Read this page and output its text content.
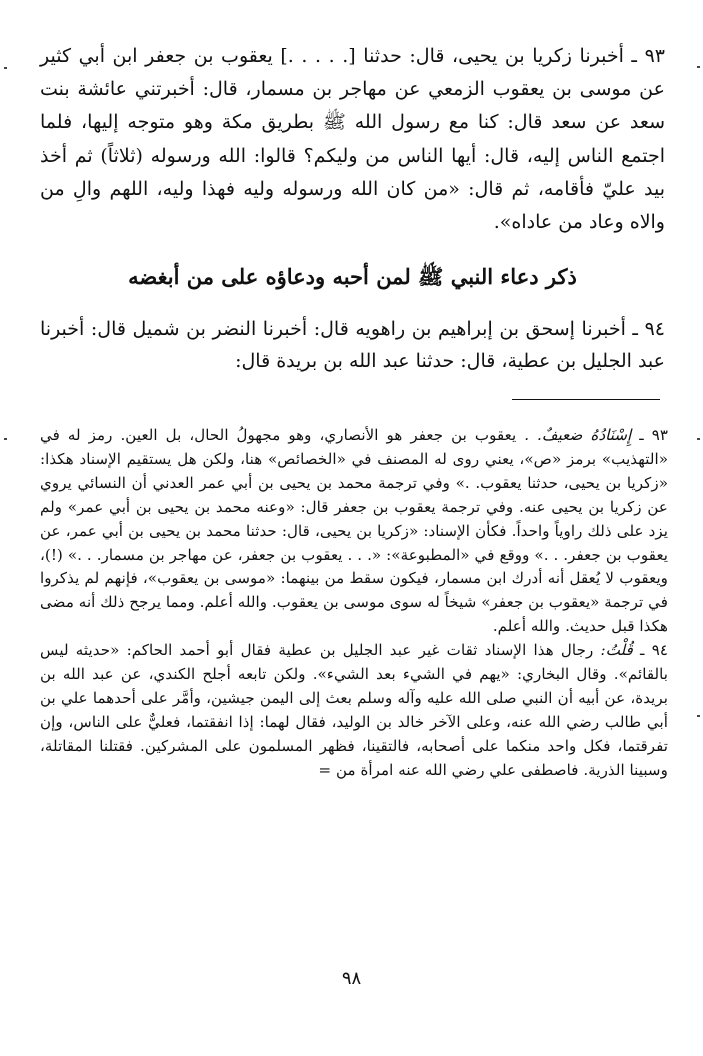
٩٣ ـ أخبرنا زكريا بن يحيى، قال: حدثنا [. . . . .] يعقوب بن جعفر ابن أبي كثير عن موسى بن يعقوب الزمعي عن مهاجر بن مسمار، قال: أخبرتني عائشة بنت سعد عن سعد قال: كنا مع رسول الله ﷺ بطريق مكة وهو متوجه إليها، فلما اجتمع الناس إليه، قال: أيها الناس من وليكم؟ قالوا: الله ورسوله (ثلاثاً) ثم أخذ بيد عليّ فأقامه، ثم قال: «من كان الله ورسوله وليه فهذا وليه، اللهم والِ من والاه وعاد من عاداه».

ذكر دعاء النبي ﷺ لمن أحبه ودعاؤه على من أبغضه

٩٤ ـ أخبرنا إسحق بن إبراهيم بن راهويه قال: أخبرنا النضر بن شميل قال: أخبرنا عبد الجليل بن عطية، قال: حدثنا عبد الله بن بريدة قال:

٩٣ ـ إِسْنَادُهُ ضعيفٌ. . يعقوب بن جعفر هو الأنصاري، وهو مجهولُ الحال، بل العين. رمز له في «التهذيب» برمز «ص»، يعني روى له المصنف في «الخصائص» هنا، ولكن هل يستقيم الإسناد هكذا: «زكريا بن يحيى، حدثنا يعقوب. .» وفي ترجمة محمد بن يحيى بن أبي عمر العدني أن النسائي يروي عن زكريا بن يحيى عنه. وفي ترجمة يعقوب بن جعفر قال: «وعنه محمد بن يحيى بن أبي عمر» ولم يزد على ذلك راوياً واحداً. فكأن الإسناد: «زكريا بن يحيى، قال: حدثنا محمد بن يحيى بن أبي عمر، عن يعقوب بن جعفر. . .» ووقع في «المطبوعة»: «. . . يعقوب بن جعفر، عن مهاجر بن مسمار. . .» (!)، ويعقوب لا يُعقل أنه أدرك ابن مسمار، فيكون سقط من بينهما: «موسى بن يعقوب»، فإنهم لم يذكروا في ترجمة «يعقوب بن جعفر» شيخاً له سوى موسى بن يعقوب. والله أعلم. ومما يرجح ذلك أنه مضى هكذا قبل حديث. والله أعلم.

٩٤ ـ قُلْتُ: رجال هذا الإسناد ثقات غير عبد الجليل بن عطية فقال أبو أحمد الحاكم: «حديثه ليس بالقائم». وقال البخاري: «يهم في الشيء بعد الشيء». ولكن تابعه أجلح الكندي، عن عبد الله بن بريدة، عن أبيه أن النبي صلى الله عليه وآله وسلم بعث إلى اليمن جيشين، وأمَّر على أحدهما علي بن أبي طالب رضي الله عنه، وعلى الآخر خالد بن الوليد، فقال لهما: إذا انفقتما، فعليٌّ على الناس، وإن تفرقتما، فكل واحد منكما على أصحابه، فالتقينا، فظهر المسلمون على المشركين. فقتلنا المقاتلة، وسبينا الذرية. فاصطفى علي رضي الله عنه امرأة من =

٩٨
